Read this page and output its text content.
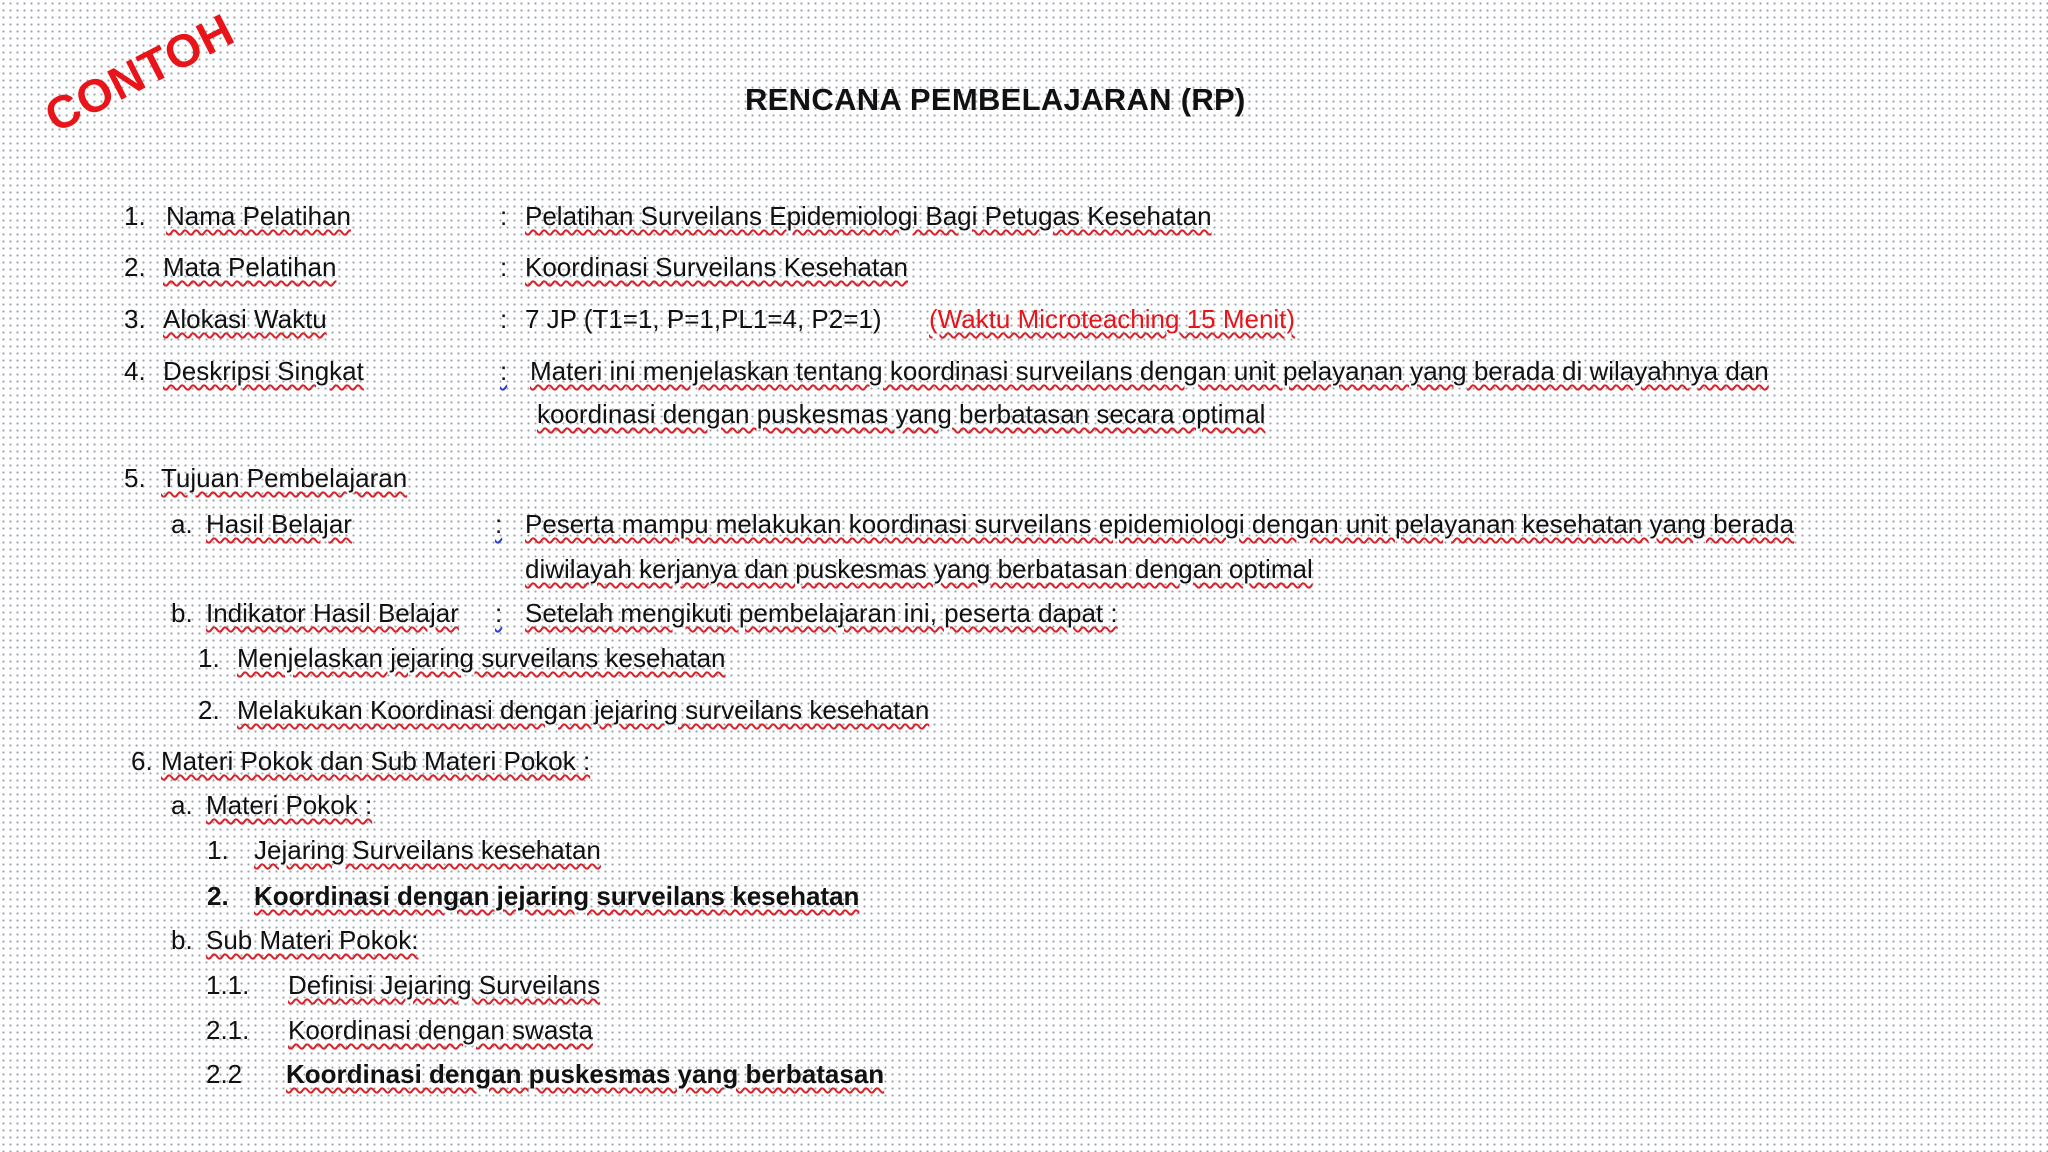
CONTOH	RENCANA PEMBELAJARAN (RP)
1. Nama Pelatihan	: Pelatihan Surveilans Epidemiologi Bagi Petugas Kesehatan
2. Mata Pelatihan	: Koordinasi Surveilans Kesehatan
3. Alokasi Waktu	: 7 JP (T1=1, P=1,PL1=4, P2=1) (Waktu Microteaching 15 Menit)
4. Deskripsi Singkat	: Materi ini menjelaskan tentang koordinasi surveilans dengan unit pelayanan yang berada di wilayahnya dan
koordinasi dengan puskesmas yang berbatasan secara optimal
5. Tujuan Pembelajaran
a. Hasil Belajar	: Peserta mampu melakukan koordinasi surveilans epidemiologi dengan unit pelayanan kesehatan yang berada
diwilayah kerjanya dan puskesmas yang berbatasan dengan optimal
b. Indikator Hasil Belajar : Setelah mengikuti pembelajaran ini, peserta dapat :
1. Menjelaskan jejaring surveilans kesehatan
2. Melakukan Koordinasi dengan jejaring surveilans kesehatan
6. Materi Pokok dan Sub Materi Pokok :
a. Materi Pokok :
1. Jejaring Surveilans kesehatan
2. Koordinasi dengan jejaring surveilans kesehatan
b. Sub Materi Pokok:
1.1. Definisi Jejaring Surveilans
2.1. Koordinasi dengan swasta
2.2 Koordinasi dengan puskesmas yang berbatasan
